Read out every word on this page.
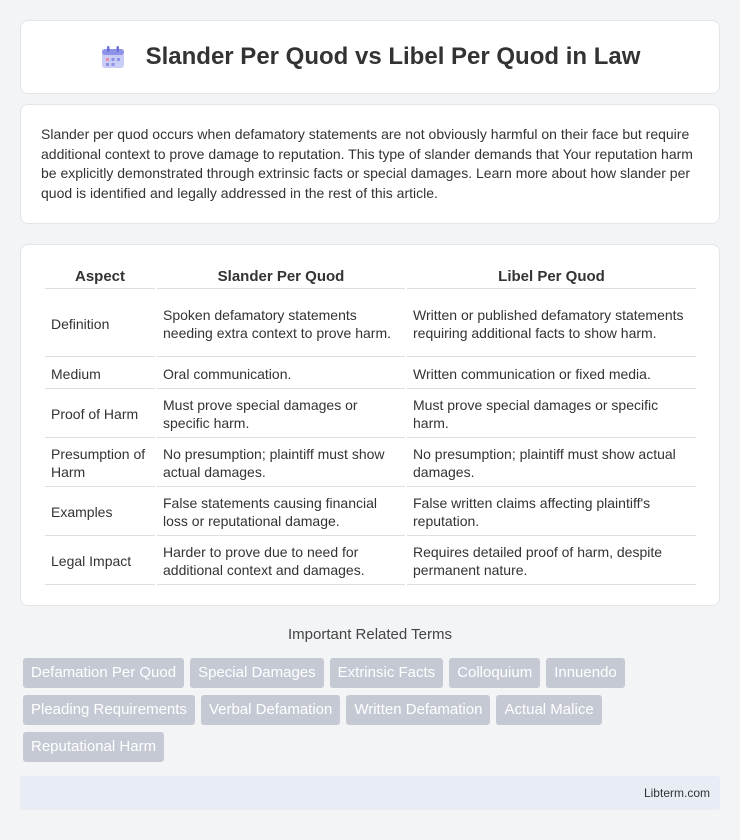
Slander Per Quod vs Libel Per Quod in Law

Slander per quod occurs when defamatory statements are not obviously harmful on their face but require additional context to prove damage to reputation. This type of slander demands that Your reputation harm be explicitly demonstrated through extrinsic facts or special damages. Learn more about how slander per quod is identified and legally addressed in the rest of this article.

Aspect	Slander Per Quod	Libel Per Quod
Definition	Spoken defamatory statements needing extra context to prove harm.	Written or published defamatory statements requiring additional facts to show harm.
Medium	Oral communication.	Written communication or fixed media.
Proof of Harm	Must prove special damages or specific harm.	Must prove special damages or specific harm.
Presumption of Harm	No presumption; plaintiff must show actual damages.	No presumption; plaintiff must show actual damages.
Examples	False statements causing financial loss or reputational damage.	False written claims affecting plaintiff's reputation.
Legal Impact	Harder to prove due to need for additional context and damages.	Requires detailed proof of harm, despite permanent nature.
Important Related Terms
Defamation Per Quod	Special Damages	Extrinsic Facts	Colloquium	Innuendo
Pleading Requirements	Verbal Defamation	Written Defamation	Actual Malice
Reputational Harm
Libterm.com
